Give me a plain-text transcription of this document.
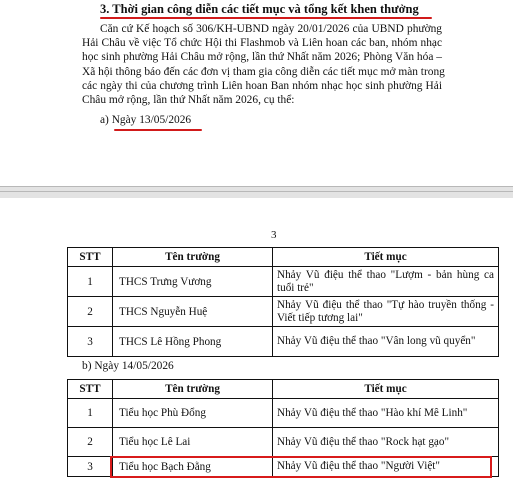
3. Thời gian công diễn các tiết mục và tổng kết khen thưởng
Căn cứ Kế hoạch số 306/KH-UBND ngày 20/01/2026 của UBND phường
Hải Châu về việc Tổ chức Hội thi Flashmob và Liên hoan các ban, nhóm nhạc
học sinh phường Hải Châu mở rộng, lần thứ Nhất năm 2026; Phòng Văn hóa –
Xã hội thông báo đến các đơn vị tham gia công diễn các tiết mục mở màn trong
các ngày thi của chương trình Liên hoan Ban nhóm nhạc học sinh phường Hải
Châu mở rộng, lần thứ Nhất năm 2026, cụ thể:
a) Ngày 13/05/2026
3
STT	Tên trường	Tiết mục
1	THCS Trưng Vương	Nhảy Vũ điệu thể thao "Lượm - bản hùng ca tuổi trẻ"
2	THCS Nguyễn Huệ	Nhảy Vũ điệu thể thao "Tự hào truyền thống - Viết tiếp tương lai"
3	THCS Lê Hồng Phong	Nhảy Vũ điệu thể thao "Vân long vũ quyển"
b) Ngày 14/05/2026
STT	Tên trường	Tiết mục
1	Tiểu học Phù Đổng	Nhảy Vũ điệu thể thao "Hào khí Mê Linh"
2	Tiểu học Lê Lai	Nhảy Vũ điệu thể thao "Rock hạt gạo"
3	Tiểu học Bạch Đằng	Nhảy Vũ điệu thể thao "Người Việt"
